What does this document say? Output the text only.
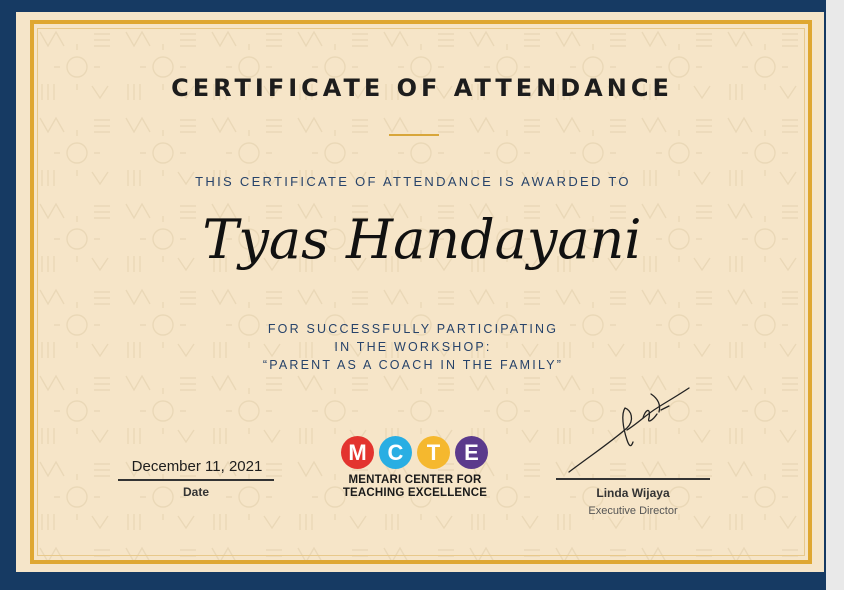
CERTIFICATE OF ATTENDANCE
THIS CERTIFICATE OF ATTENDANCE IS AWARDED TO
Tyas Handayani
FOR SUCCESSFULLY PARTICIPATING
IN THE WORKSHOP:
“PARENT AS A COACH IN THE FAMILY”
December 11, 2021
Date
M C	T	E
MENTARI CENTER FOR
TEACHING EXCELLENCE	Linda Wijaya
Executive Director
